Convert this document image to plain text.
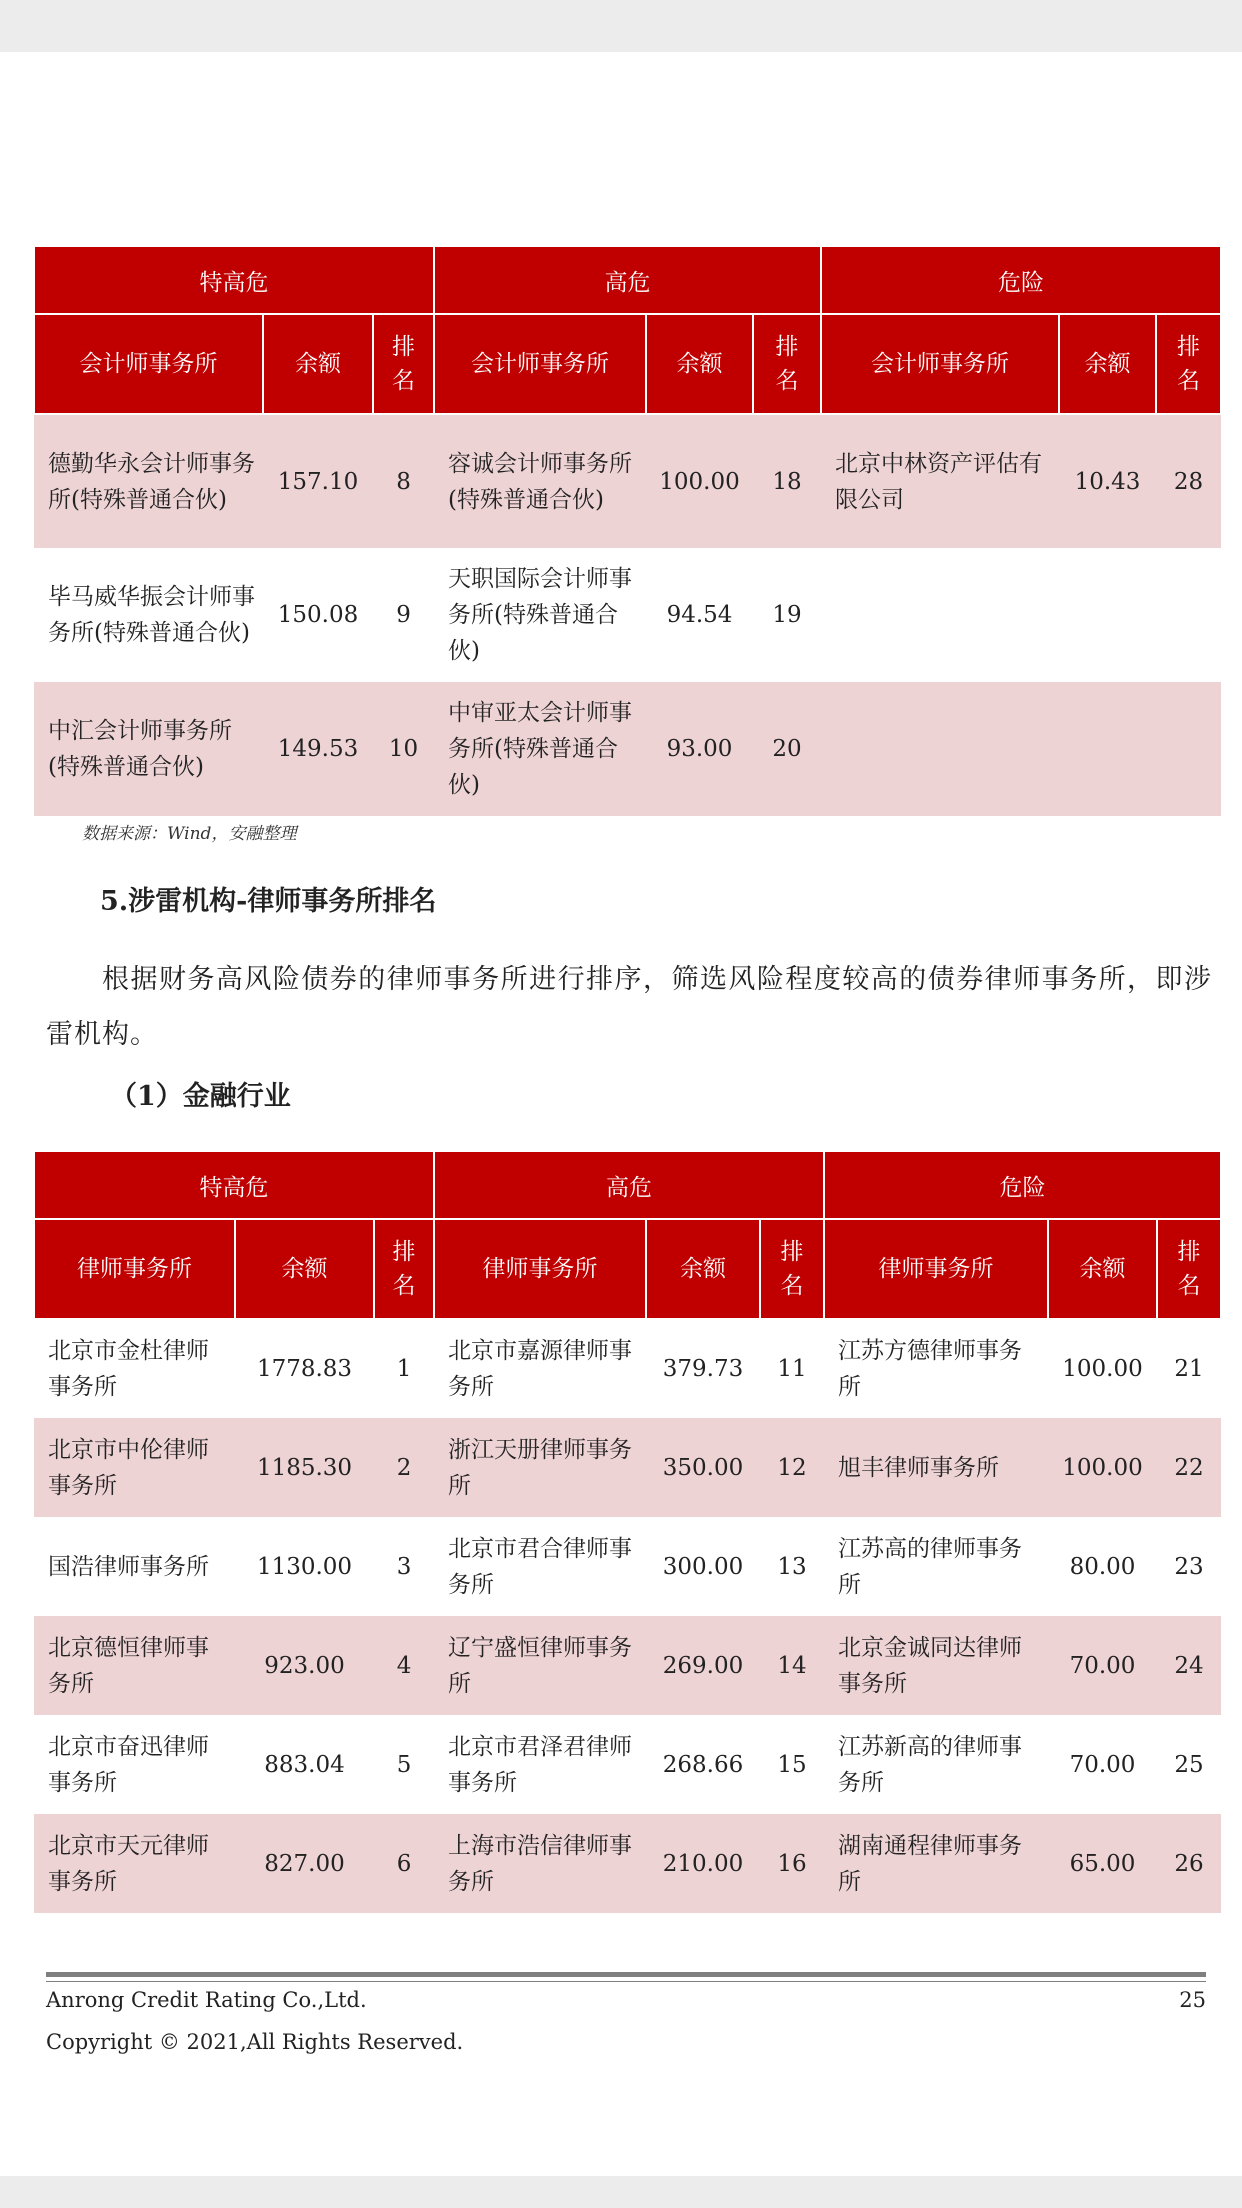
特高危			高危			危险		
会计师事务所	余额	排名	会计师事务所	余额	排名	会计师事务所	余额	排名
德勤华永会计师事务所(特殊普通合伙)	157.10	8	容诚会计师事务所(特殊普通合伙)	100.00	18	北京中林资产评估有限公司	10.43	28
毕马威华振会计师事务所(特殊普通合伙)	150.08	9	天职国际会计师事务所(特殊普通合伙)	94.54	19			
中汇会计师事务所(特殊普通合伙)	149.53	10	中审亚太会计师事务所(特殊普通合伙)	93.00	20			
数据来源：Wind，安融整理
5.涉雷机构-律师事务所排名
根据财务高风险债券的律师事务所进行排序，筛选风险程度较高的债券律师事务所，即涉雷机构。
（1）金融行业
特高危			高危			危险		
律师事务所	余额	排名	律师事务所	余额	排名	律师事务所	余额	排名
北京市金杜律师事务所	1778.83	1	北京市嘉源律师事务所	379.73	11	江苏方德律师事务所	100.00	21
北京市中伦律师事务所	1185.30	2	浙江天册律师事务所	350.00	12	旭丰律师事务所	100.00	22
国浩律师事务所	1130.00	3	北京市君合律师事务所	300.00	13	江苏高的律师事务所	80.00	23
北京德恒律师事务所	923.00	4	辽宁盛恒律师事务所	269.00	14	北京金诚同达律师事务所	70.00	24
北京市奋迅律师事务所	883.04	5	北京市君泽君律师事务所	268.66	15	江苏新高的律师事务所	70.00	25
北京市天元律师事务所	827.00	6	上海市浩信律师事务所	210.00	16	湖南通程律师事务所	65.00	26
Anrong Credit Rating Co.,Ltd.	25
Copyright © 2021,All Rights Reserved.
